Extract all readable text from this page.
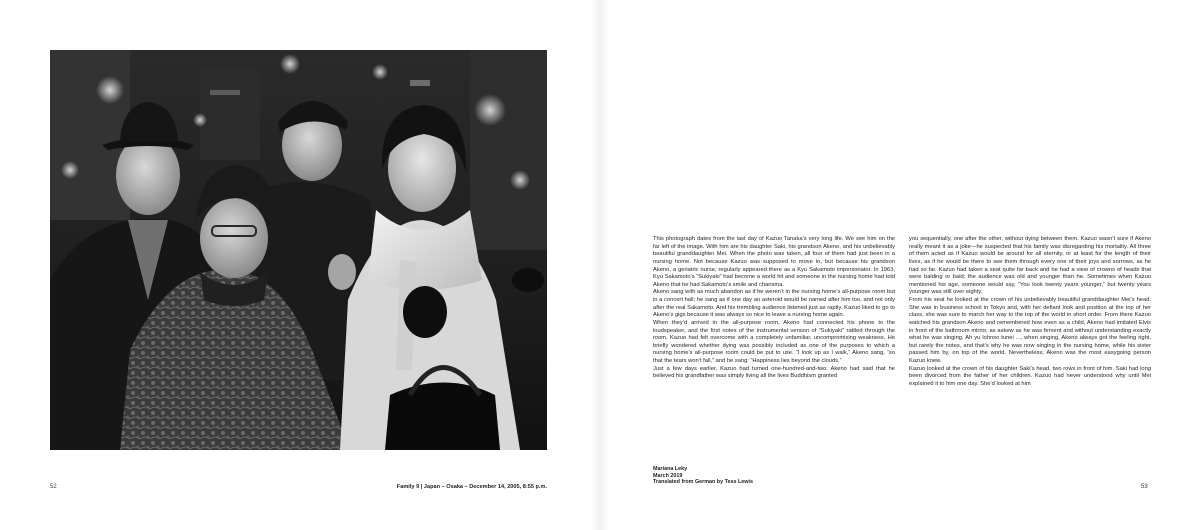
52	Family 9 | Japan – Osaka – December 14, 2005, 8:55 p.m.

This photograph dates from the last day of Kazuo Tanaka’s very long life. We see him on the far left of the image. With him are his daughter Saki, his grandson Akeno, and his unbelievably beautiful granddaughter Mei. When the photo was taken, all four of them had just been in a nursing home. Not because Kazuo was supposed to move in, but because his grandson Akeno, a geriatric nurse, regularly appeared there as a Kyu Sakamoto impersonator. In 1963, Kyu Sakamoto’s “Sukiyaki” had become a world hit and someone in the nursing home had told Akeno that he had Sakamoto’s smile and charisma.

Akeno sang with as much abandon as if he weren’t in the nursing home’s all-purpose room but in a concert hall; he sang as if one day an asteroid would be named after him too, and not only after the real Sakamoto. And his trembling audience listened just as raptly. Kazuo liked to go to Akeno’s gigs because it was always so nice to leave a nursing home again.

When they’d arrived in the all-purpose room, Akeno had connected his phone to the loudspeaker, and the first notes of the instrumental version of “Sukiyaki” rattled through the room, Kazuo had felt overcome with a completely unfamiliar, uncompromising weakness. He briefly wondered whether dying was possibly included as one of the purposes to which a nursing home’s all-purpose room could be put to use. “I look up as I walk,” Akeno sang, “so that the tears won’t fall,” and he sang: “Happiness lies beyond the clouds.”

Just a few days earlier, Kazuo had turned one-hundred-and-two. Akeno had said that he believed his grandfather was simply living all the lives Buddhism granted

you sequentially, one after the other, without dying between them. Kazuo wasn’t sure if Akeno really meant it as a joke—he suspected that his family was disregarding his mortality. All three of them acted as if Kazuo would be around for all eternity, or at least for the length of their lives, as if he would be there to see them through every one of their joys and sorrows, as he had so far. Kazuo had taken a seat quite far back and he had a view of crowns of heads that were balding or bald; the audience was old and younger than he. Sometimes when Kazuo mentioned his age, someone would say, “You look twenty years younger,” but twenty years younger was still over eighty.

From his seat he looked at the crown of his unbelievably beautiful granddaughter Mei’s head. She was in business school in Tokyo and, with her defiant look and position at the top of her class, she was sure to march her way to the top of the world in short order. From there Kazuo watched his grandson Akeno and remembered how even as a child, Akeno had imitated Elvis in front of the bathroom mirror, as askew as he was fervent and without understanding exactly what he was singing. Ah yu lohnso tunei ..., when singing, Akeno always got the feeling right, but rarely the notes, and that’s why he was now singing in the nursing home, while his sister passed him by, on top of the world. Nevertheless, Akeno was the most easygoing person Kazuo knew.

Kazuo looked at the crown of his daughter Saki’s head, two rows in front of him. Saki had long been divorced from the father of her children. Kazuo had never understood why until Mei explained it to him one day. She’d looked at him

Mariana Leky
March 2019
Translated from German by Tess Lewis
53
